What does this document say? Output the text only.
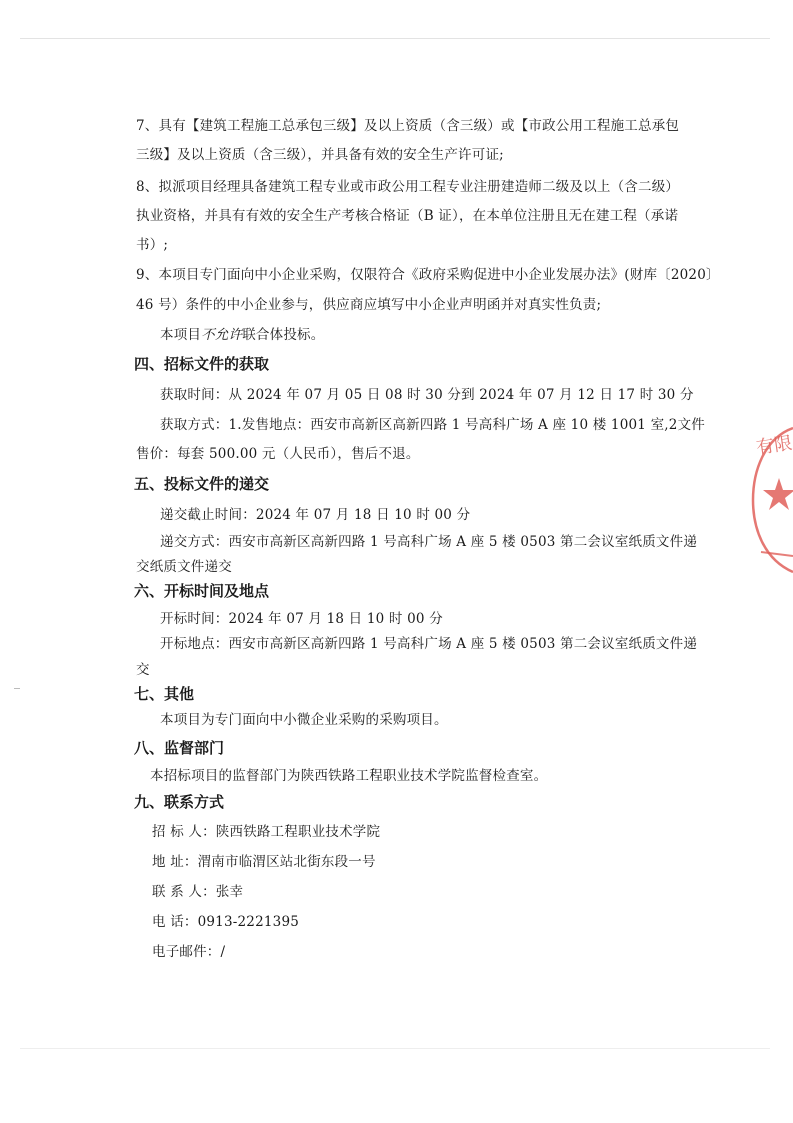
7、具有【建筑工程施工总承包三级】及以上资质（含三级）或【市政公用工程施工总承包
三级】及以上资质（含三级），并具备有效的安全生产许可证;
8、拟派项目经理具备建筑工程专业或市政公用工程专业注册建造师二级及以上（含二级）
执业资格，并具有有效的安全生产考核合格证（B 证），在本单位注册且无在建工程（承诺
书）;
9、本项目专门面向中小企业采购，仅限符合《政府采购促进中小企业发展办法》(财库〔2020〕
46 号）条件的中小企业参与，供应商应填写中小企业声明函并对真实性负责;
本项目不允许联合体投标。
四、招标文件的获取
获取时间：从 2024 年 07 月 05 日 08 时 30 分到 2024 年 07 月 12 日 17 时 30 分
获取方式：1.发售地点：西安市高新区高新四路 1 号高科广场 A 座 10 楼 1001 室,2文件
售价：每套 500.00 元（人民币），售后不退。
五、投标文件的递交
递交截止时间：2024 年 07 月 18 日 10 时 00 分
递交方式：西安市高新区高新四路 1 号高科广场 A 座 5 楼 0503 第二会议室纸质文件递
交纸质文件递交
六、开标时间及地点
开标时间：2024 年 07 月 18 日 10 时 00 分
开标地点：西安市高新区高新四路 1 号高科广场 A 座 5 楼 0503 第二会议室纸质文件递
交
七、其他
本项目为专门面向中小微企业采购的采购项目。
八、监督部门
本招标项目的监督部门为陕西铁路工程职业技术学院监督检查室。
九、联系方式
招 标 人：陕西铁路工程职业技术学院
地 址：渭南市临渭区站北街东段一号
联 系 人：张幸
电 话：0913-2221395
电子邮件：/
有限
